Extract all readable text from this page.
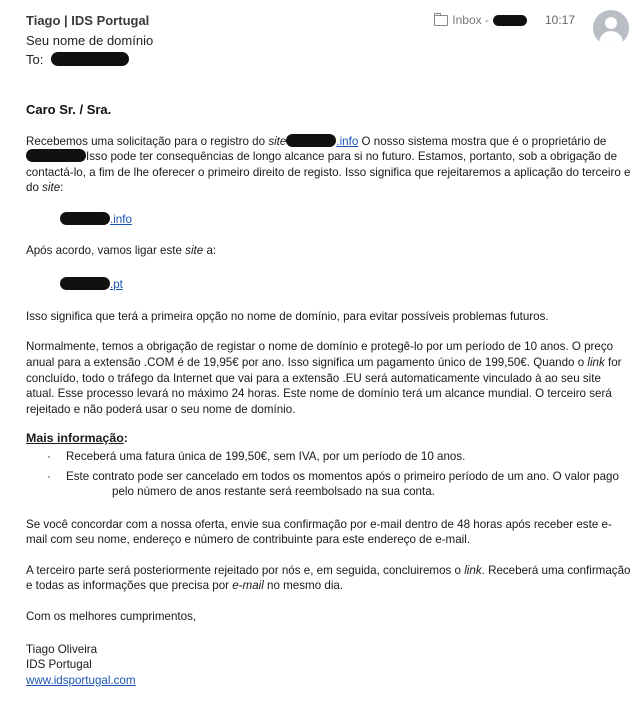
Tiago | IDS Portugal
Seu nome de domínio
To:
Inbox -	10:17
Caro Sr. / Sra.

Recebemos uma solicitação para o registro do site	.info O nosso sistema mostra que é o proprietário de
Isso pode ter consequências de longo alcance para si no futuro. Estamos, portanto, sob a obrigação de contactá-lo, a fim de lhe oferecer o primeiro direito de registo. Isso significa que rejeitaremos a aplicação do terceiro e do site:

.info

Após acordo, vamos ligar este site a:

.pt

Isso significa que terá a primeira opção no nome de domínio, para evitar possíveis problemas futuros.

Normalmente, temos a obrigação de registar o nome de domínio e protegê-lo por um período de 10 anos. O preço anual para a extensão .COM é de 19,95€ por ano. Isso significa um pagamento único de 199,50€. Quando o link for concluído, todo o tráfego da Internet que vai para a extensão .EU será automaticamente vinculado à ao seu site atual. Esse processo levará no máximo 24 horas. Este nome de domínio terá um alcance mundial. O terceiro será rejeitado e não poderá usar o seu nome de domínio.

Mais informação:

· Receberá uma fatura única de 199,50€, sem IVA, por um período de 10 anos.
· Este contrato pode ser cancelado em todos os momentos após o primeiro período de um ano. O valor pago
pelo número de anos restante será reembolsado na sua conta.

Se você concordar com a nossa oferta, envie sua confirmação por e-mail dentro de 48 horas após receber este e-mail com seu nome, endereço e número de contribuinte para este endereço de e-mail.

A terceiro parte será posteriormente rejeitado por nós e, em seguida, concluiremos o link. Receberá uma confirmação e todas as informações que precisa por e-mail no mesmo dia.

Com os melhores cumprimentos,

Tiago Oliveira
IDS Portugal
www.idsportugal.com
